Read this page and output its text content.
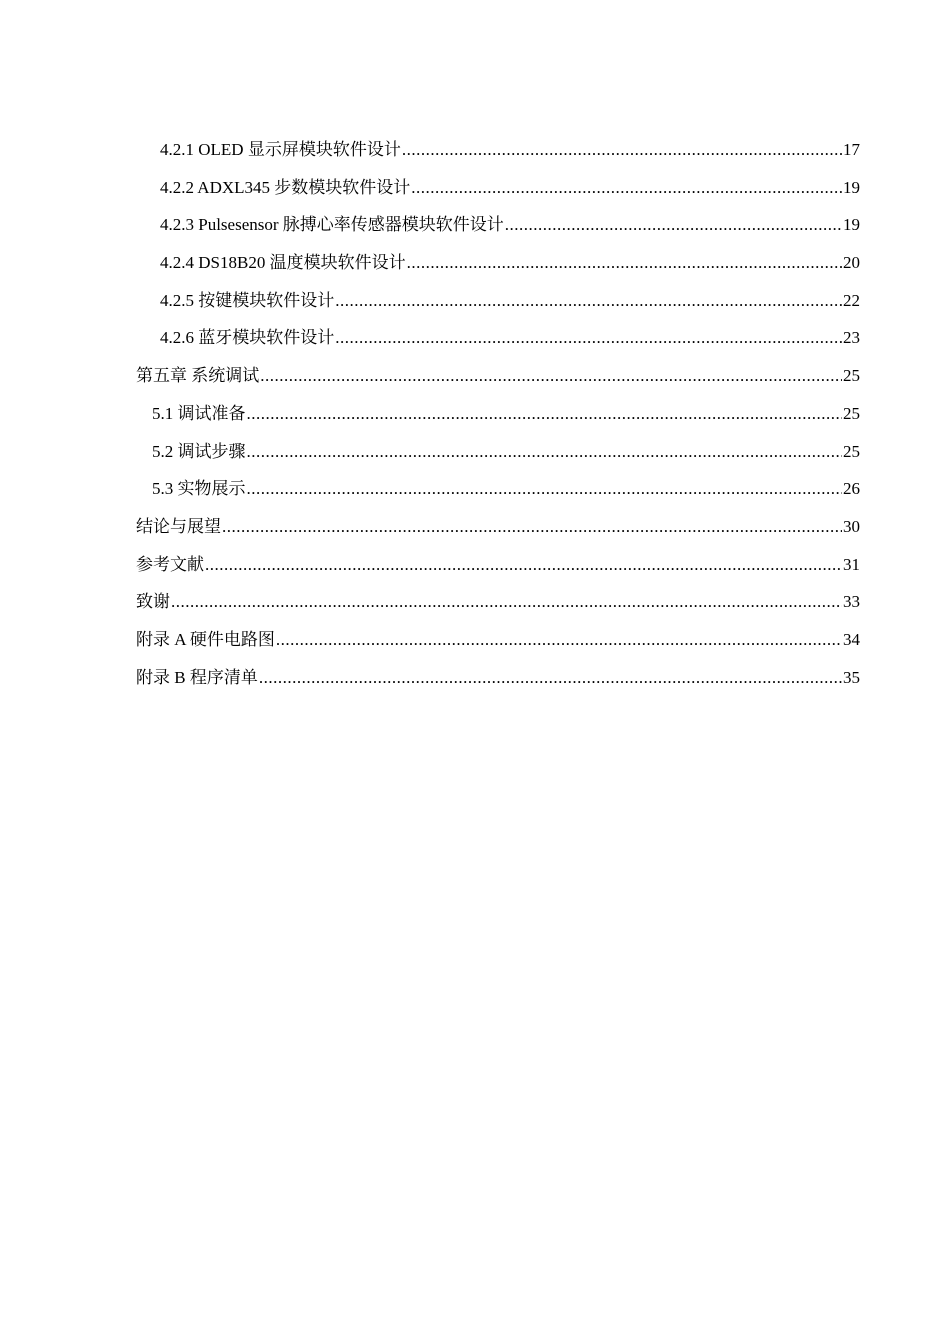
4.2.1 OLED 显示屏模块软件设计 .....	17
4.2.2 ADXL345 步数模块软件设计 .....	19
4.2.3 Pulsesensor 脉搏心率传感器模块软件设计 .....	19
4.2.4 DS18B20 温度模块软件设计 .....	20
4.2.5 按键模块软件设计 .....	22
4.2.6 蓝牙模块软件设计 .....	23
第五章 系统调试 .....	25
5.1 调试准备 .....	25
5.2 调试步骤 .....	25
5.3 实物展示 .....	26
结论与展望 .....	30
参考文献 .....	31
致谢 .....	33
附录 A 硬件电路图 .....	34
附录 B 程序清单 .....	35
